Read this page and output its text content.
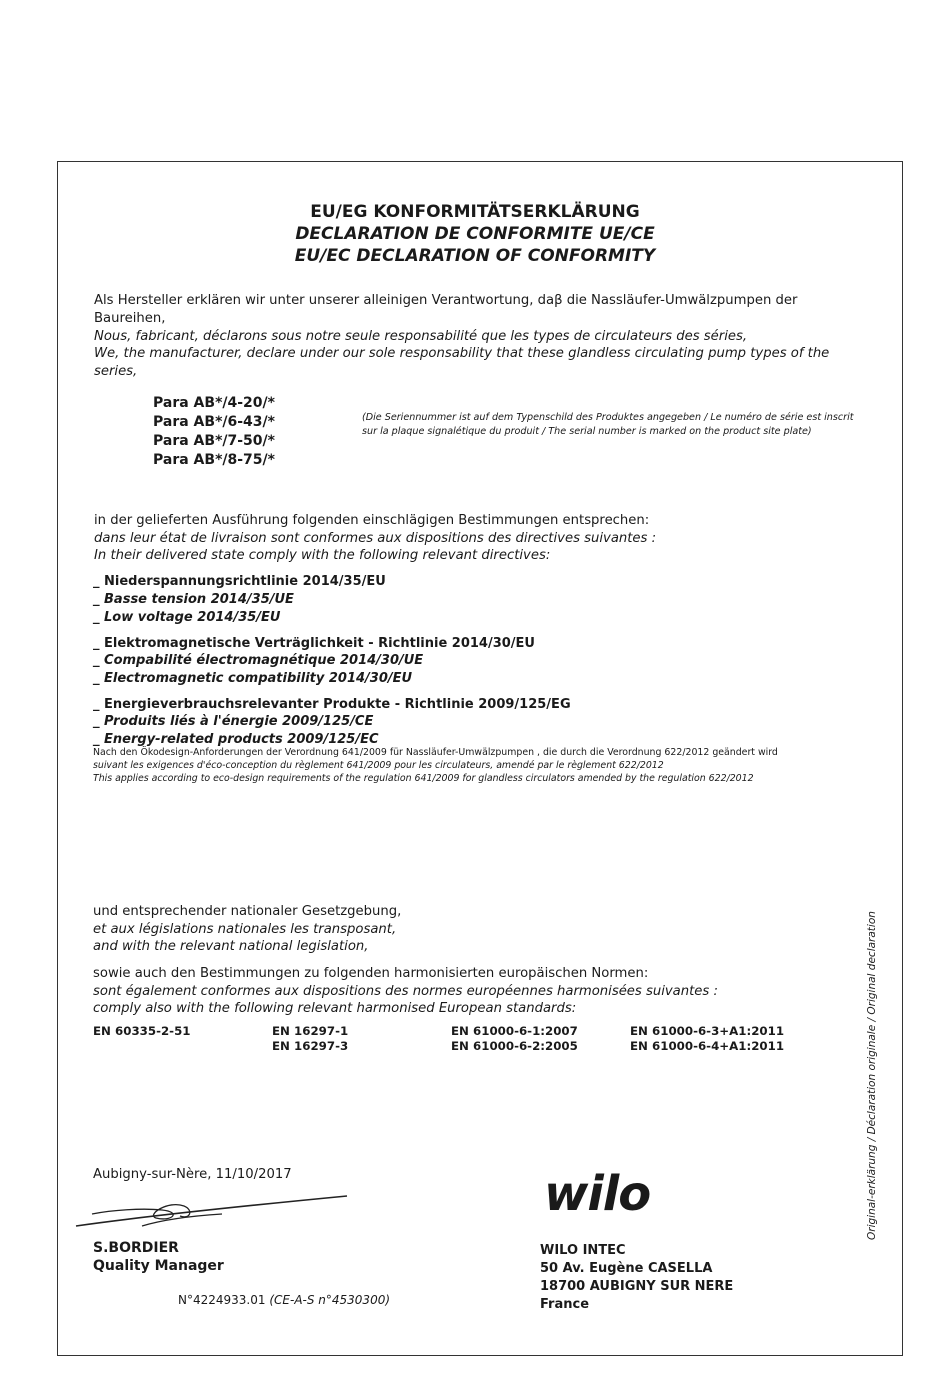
EU/EG KONFORMITÄTSERKLÄRUNG
DECLARATION DE CONFORMITE UE/CE
EU/EC DECLARATION OF CONFORMITY
Als Hersteller erklären wir unter unserer alleinigen Verantwortung, daβ die Nassläufer-Umwälzpumpen der
Baureihen,
Nous, fabricant, déclarons sous notre seule responsabilité que les types de circulateurs des séries,
We, the manufacturer, declare under our sole responsability that these glandless circulating pump types of the
series,
Para AB*/4-20/*
Para AB*/6-43/*
Para AB*/7-50/*
Para AB*/8-75/*
(Die Seriennummer ist auf dem Typenschild des Produktes angegeben / Le numéro de série est inscrit sur la plaque signalétique du produit / The serial number is marked on the product site plate)
in der gelieferten Ausführung folgenden einschlägigen Bestimmungen entsprechen:
dans leur état de livraison sont conformes aux dispositions des directives suivantes :
In their delivered state comply with the following relevant directives:
_ Niederspannungsrichtlinie 2014/35/EU
_ Basse tension 2014/35/UE
_ Low voltage 2014/35/EU
_ Elektromagnetische Verträglichkeit - Richtlinie 2014/30/EU
_ Compabilité électromagnétique 2014/30/UE
_ Electromagnetic compatibility 2014/30/EU
_ Energieverbrauchsrelevanter Produkte - Richtlinie 2009/125/EG
_ Produits liés à l'énergie 2009/125/CE
_ Energy-related products 2009/125/EC
Nach den Ökodesign-Anforderungen der Verordnung 641/2009 für Nassläufer-Umwälzpumpen , die durch die Verordnung 622/2012 geändert wird
suivant les exigences d'éco-conception du règlement 641/2009 pour les circulateurs, amendé par le règlement 622/2012
This applies according to eco-design requirements of the regulation 641/2009 for glandless circulators amended by the regulation 622/2012
und entsprechender nationaler Gesetzgebung,
et aux législations nationales les transposant,
and with the relevant national legislation,
sowie auch den Bestimmungen zu folgenden harmonisierten europäischen Normen:
sont également conformes aux dispositions des normes européennes harmonisées suivantes :
comply also with the following relevant harmonised European standards:
EN 60335-2-51	EN 16297-1
EN 16297-3
EN 61000-6-1:2007
EN 61000-6-2:2005
EN 61000-6-3+A1:2011
EN 61000-6-4+A1:2011	Original-erklärung / Déclaration originale / Original declaration
Aubigny-sur-Nère, 11/10/2017
S.BORDIER
Quality Manager
N°4224933.01 (CE-A-S n°4530300)
wilo
WILO INTEC
50 Av. Eugène CASELLA
18700 AUBIGNY SUR NERE
France
